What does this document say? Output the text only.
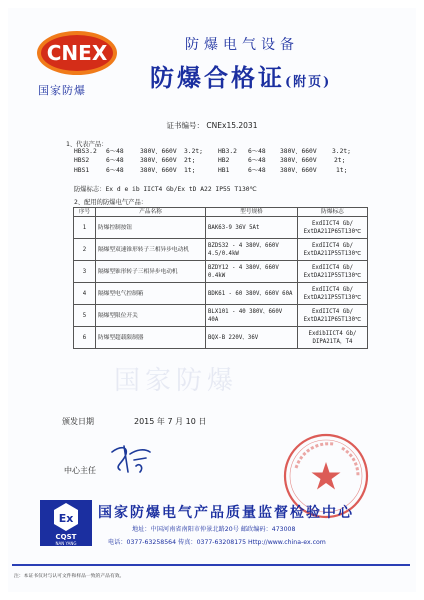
CNEX
国家防爆
防爆电气设备
防爆合格证(附页)
证书编号： CNEx15.2031
1、代表产品：
HBS3.2 6～48	380V、660V 3.2t; HB3.2 6～48 380V、660V 3.2t;
HBS2	6～48	380V、660V 2t;	HB2	6～48 380V、660V	2t;
HBS1	6～48	380V、660V 1t;	HB1	6～48 380V、660V	1t;
防爆标志：Ex d e ib IICT4 Gb/Ex tD A22 IP55 T130℃
2、配用的防爆电气产品：
序号	产品名称	型号规格	防爆标志
1	防爆控制按钮	BAK63-9 36V 5At	ExdIICT4 Gb/ ExtDA21IP65T130℃
2	隔爆型双速锥形转子三相异步电动机	BZDS32 - 4 380V、660V 4.5/0.4kW	ExdIICT4 Gb/ ExtDA21IP55T130℃
3	隔爆型锥形转子三相异步电动机	BZDY12 - 4 380V、660V 0.4kW	ExdIICT4 Gb/ ExtDA21IP55T130℃
4	隔爆型电气控制箱	BDK61 - 60 380V、660V 60A	ExdIICT4 Gb/ ExtDA21IP55T130℃
5	隔爆型限位开关	BLX101 - 40 380V、660V 40A	ExdIICT4 Gb/ ExtDA21IP65T130℃
6	防爆型超载限制器	BQX-B 220V、36V	ExdibIICT4 Gb/ DIPA21TA，T4
国家防爆
颁发日期	2015 年 7 月 10 日
中心主任
Ex
CQST
NAN YANG
国家防爆电气产品质量监督检验中心
地址：中国河南省南阳市仲景北路20号 邮政编码：473008
电话：0377-63258564 传真：0377-63208175 Http://www.china-ex.com
注：本证书仅对与认可文件和样品一致的产品有效。
